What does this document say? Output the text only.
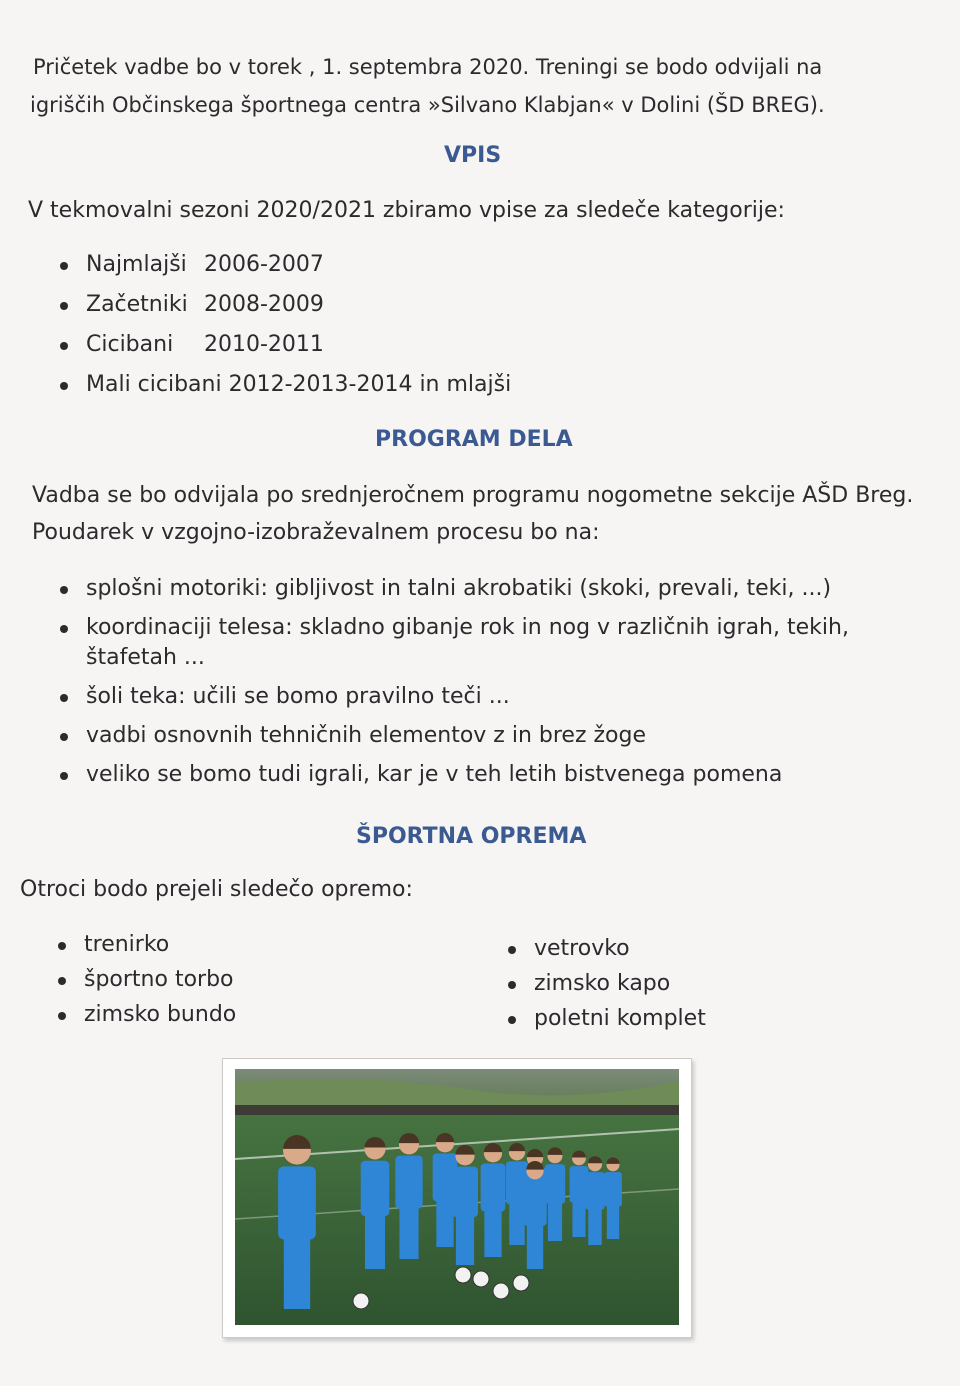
Pričetek vadbe bo v torek , 1. septembra 2020. Treningi se bodo odvijali na
igriščih Občinskega športnega centra »Silvano Klabjan« v Dolini (ŠD BREG).
VPIS
V tekmovalni sezoni 2020/2021 zbiramo vpise za sledeče kategorije:
Najmlajši 2006-2007
Začetniki 2008-2009
Cicibani 2010-2011
Mali cicibani 2012-2013-2014 in mlajši
PROGRAM DELA
Vadba se bo odvijala po srednjeročnem programu nogometne sekcije AŠD Breg.
Poudarek v vzgojno-izobraževalnem procesu bo na:
splošni motoriki: gibljivost in talni akrobatiki (skoki, prevali, teki, ...)
koordinaciji telesa: skladno gibanje rok in nog v različnih igrah, tekih,
štafetah ...
šoli teka: učili se bomo pravilno teči ...
vadbi osnovnih tehničnih elementov z in brez žoge
veliko se bomo tudi igrali, kar je v teh letih bistvenega pomena
ŠPORTNA OPREMA
Otroci bodo prejeli sledečo opremo:
trenirko
športno torbo
zimsko bundo
vetrovko
zimsko kapo
poletni komplet
